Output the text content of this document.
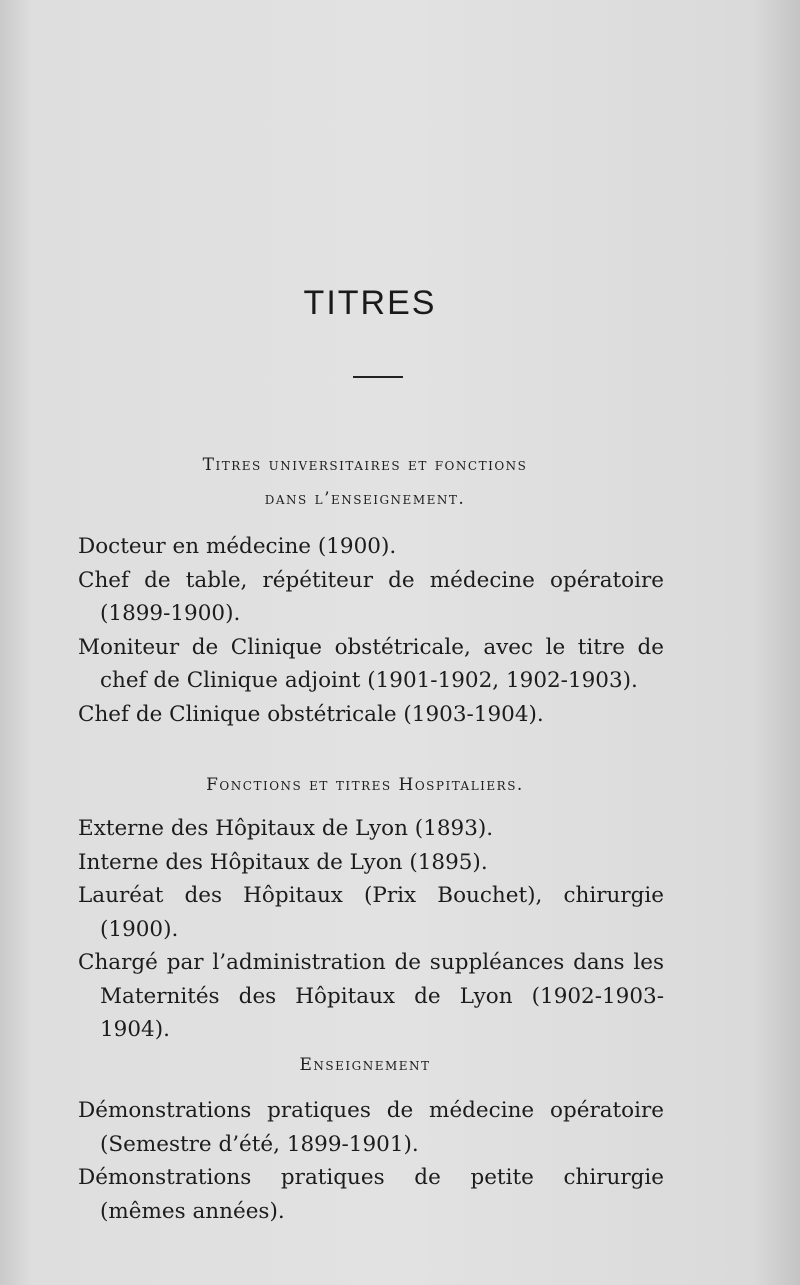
TITRES
Titres universitaires et fonctions
dans l’enseignement.
Docteur en médecine (1900).
Chef de table, répétiteur de médecine opératoire (1899-1900).
Moniteur de Clinique obstétricale, avec le titre de chef de Clinique adjoint (1901-1902, 1902-1903).
Chef de Clinique obstétricale (1903-1904).
Fonctions et titres Hospitaliers.
Externe des Hôpitaux de Lyon (1893).
Interne des Hôpitaux de Lyon (1895).
Lauréat des Hôpitaux (Prix Bouchet), chirurgie (1900).
Chargé par l’administration de suppléances dans les Maternités des Hôpitaux de Lyon (1902-1903-1904).
Enseignement
Démonstrations pratiques de médecine opératoire (Semestre d’été, 1899-1901).
Démonstrations pratiques de petite chirurgie (mêmes années).
